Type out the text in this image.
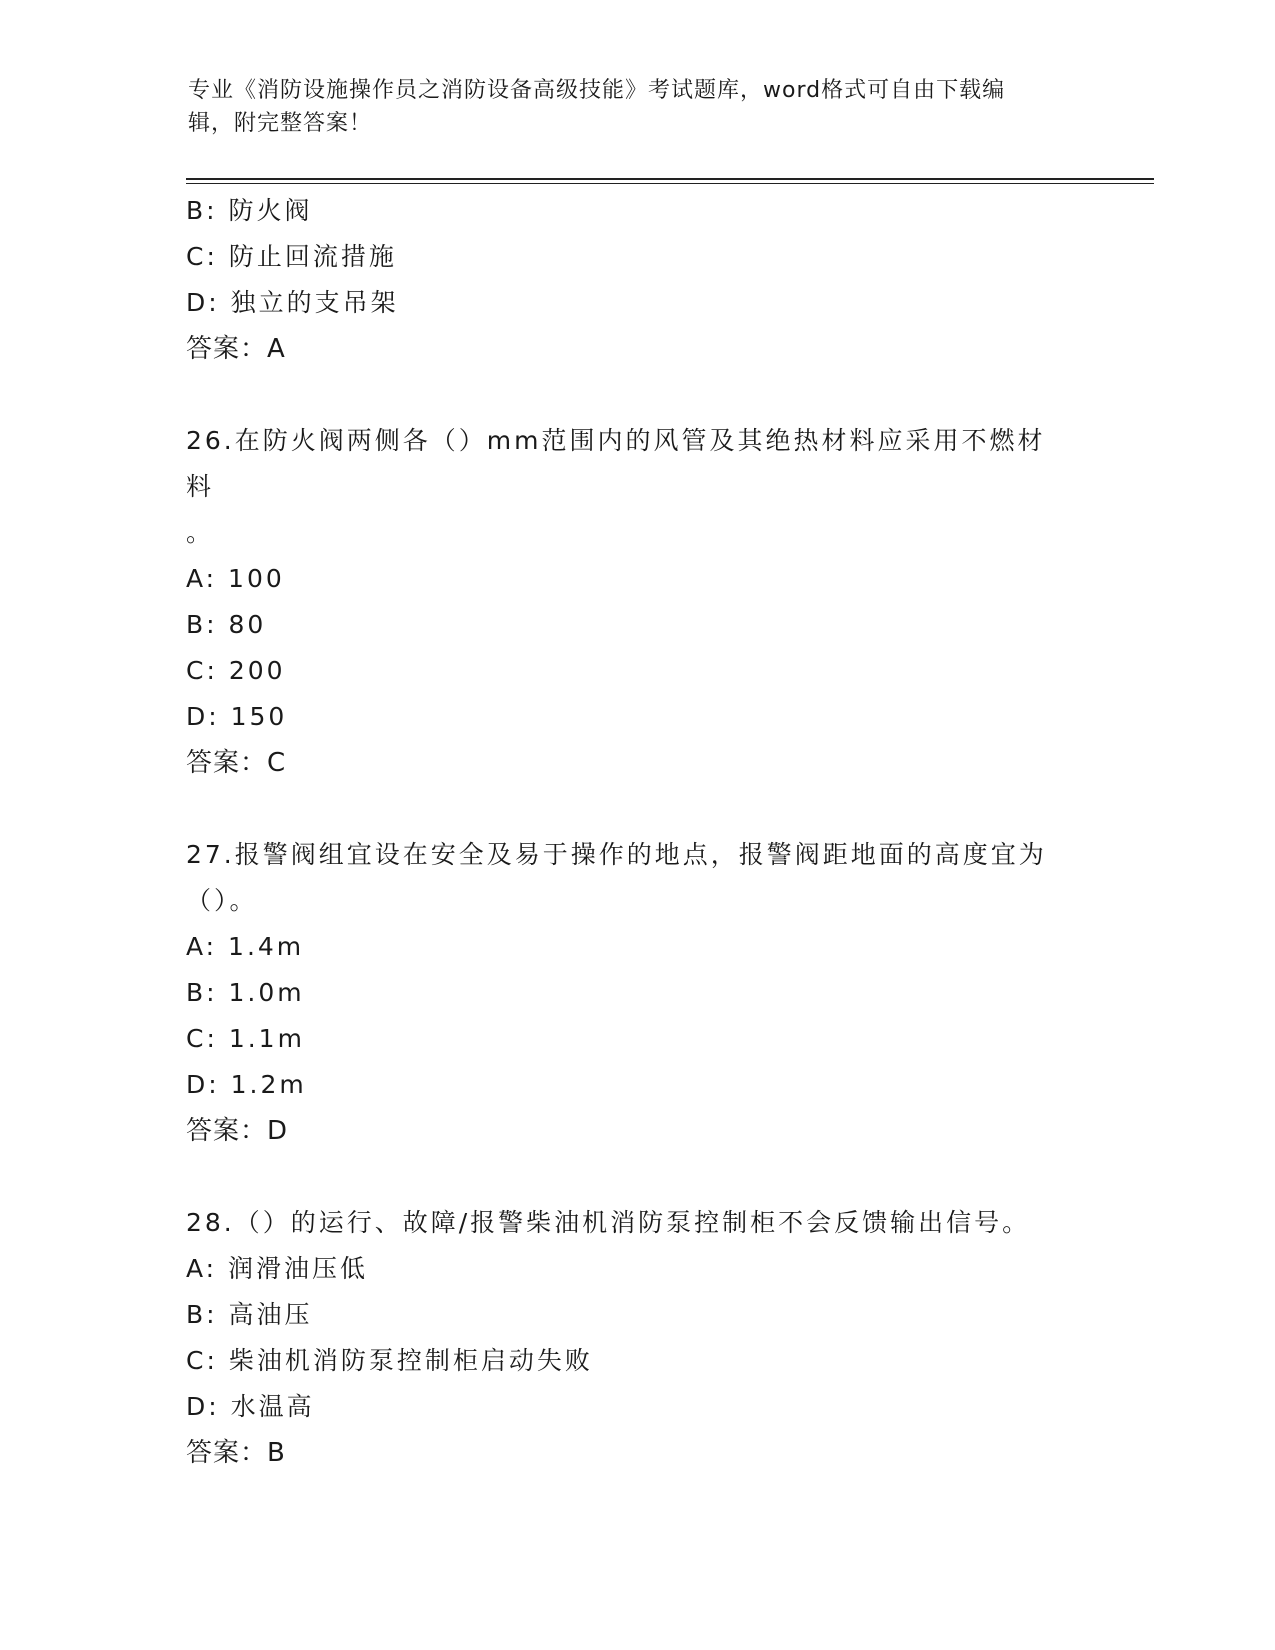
专业《消防设施操作员之消防设备高级技能》考试题库，word格式可自由下载编
辑，附完整答案！
B: 防火阀
C: 防止回流措施
D: 独立的支吊架
答案：A
26.在防火阀两侧各（）mm范围内的风管及其绝热材料应采用不燃材料
。
A: 100
B: 80
C: 200
D: 150
答案：C
27.报警阀组宜设在安全及易于操作的地点，报警阀距地面的高度宜为
（）。
A: 1.4m
B: 1.0m
C: 1.1m
D: 1.2m
答案：D
28.（）的运行、故障/报警柴油机消防泵控制柜不会反馈输出信号。
A: 润滑油压低
B: 高油压
C: 柴油机消防泵控制柜启动失败
D: 水温高
答案：B
